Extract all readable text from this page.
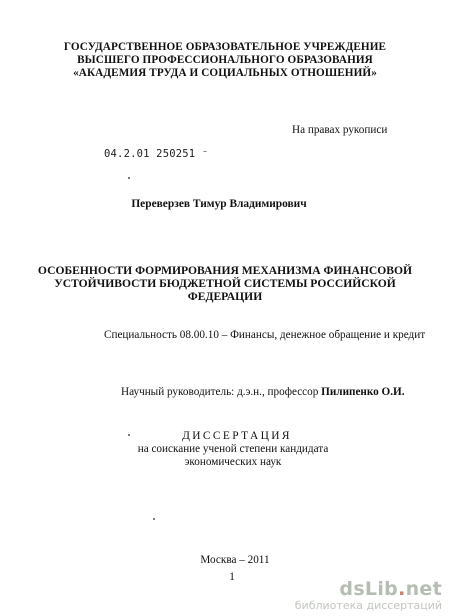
ГОСУДАРСТВЕННОЕ ОБРАЗОВАТЕЛЬНОЕ УЧРЕЖДЕНИЕ
ВЫСШЕГО ПРОФЕССИОНАЛЬНОГО ОБРАЗОВАНИЯ
«АКАДЕМИЯ ТРУДА И СОЦИАЛЬНЫХ ОТНОШЕНИЙ»
На правах рукописи
04.2.01 250251 ⁻
Переверзев Тимур Владимирович
ОСОБЕННОСТИ ФОРМИРОВАНИЯ МЕХАНИЗМА ФИНАНСОВОЙ
УСТОЙЧИВОСТИ БЮДЖЕТНОЙ СИСТЕМЫ РОССИЙСКОЙ
ФЕДЕРАЦИИ
Специальность 08.00.10 – Финансы, денежное обращение и кредит
Научный руководитель: д.э.н., профессор Пилипенко О.И.
ДИССЕРТАЦИЯ
на соискание ученой степени кандидата
экономических наук
Москва – 2011
1
dsLib.net
библиотека диссертаций
